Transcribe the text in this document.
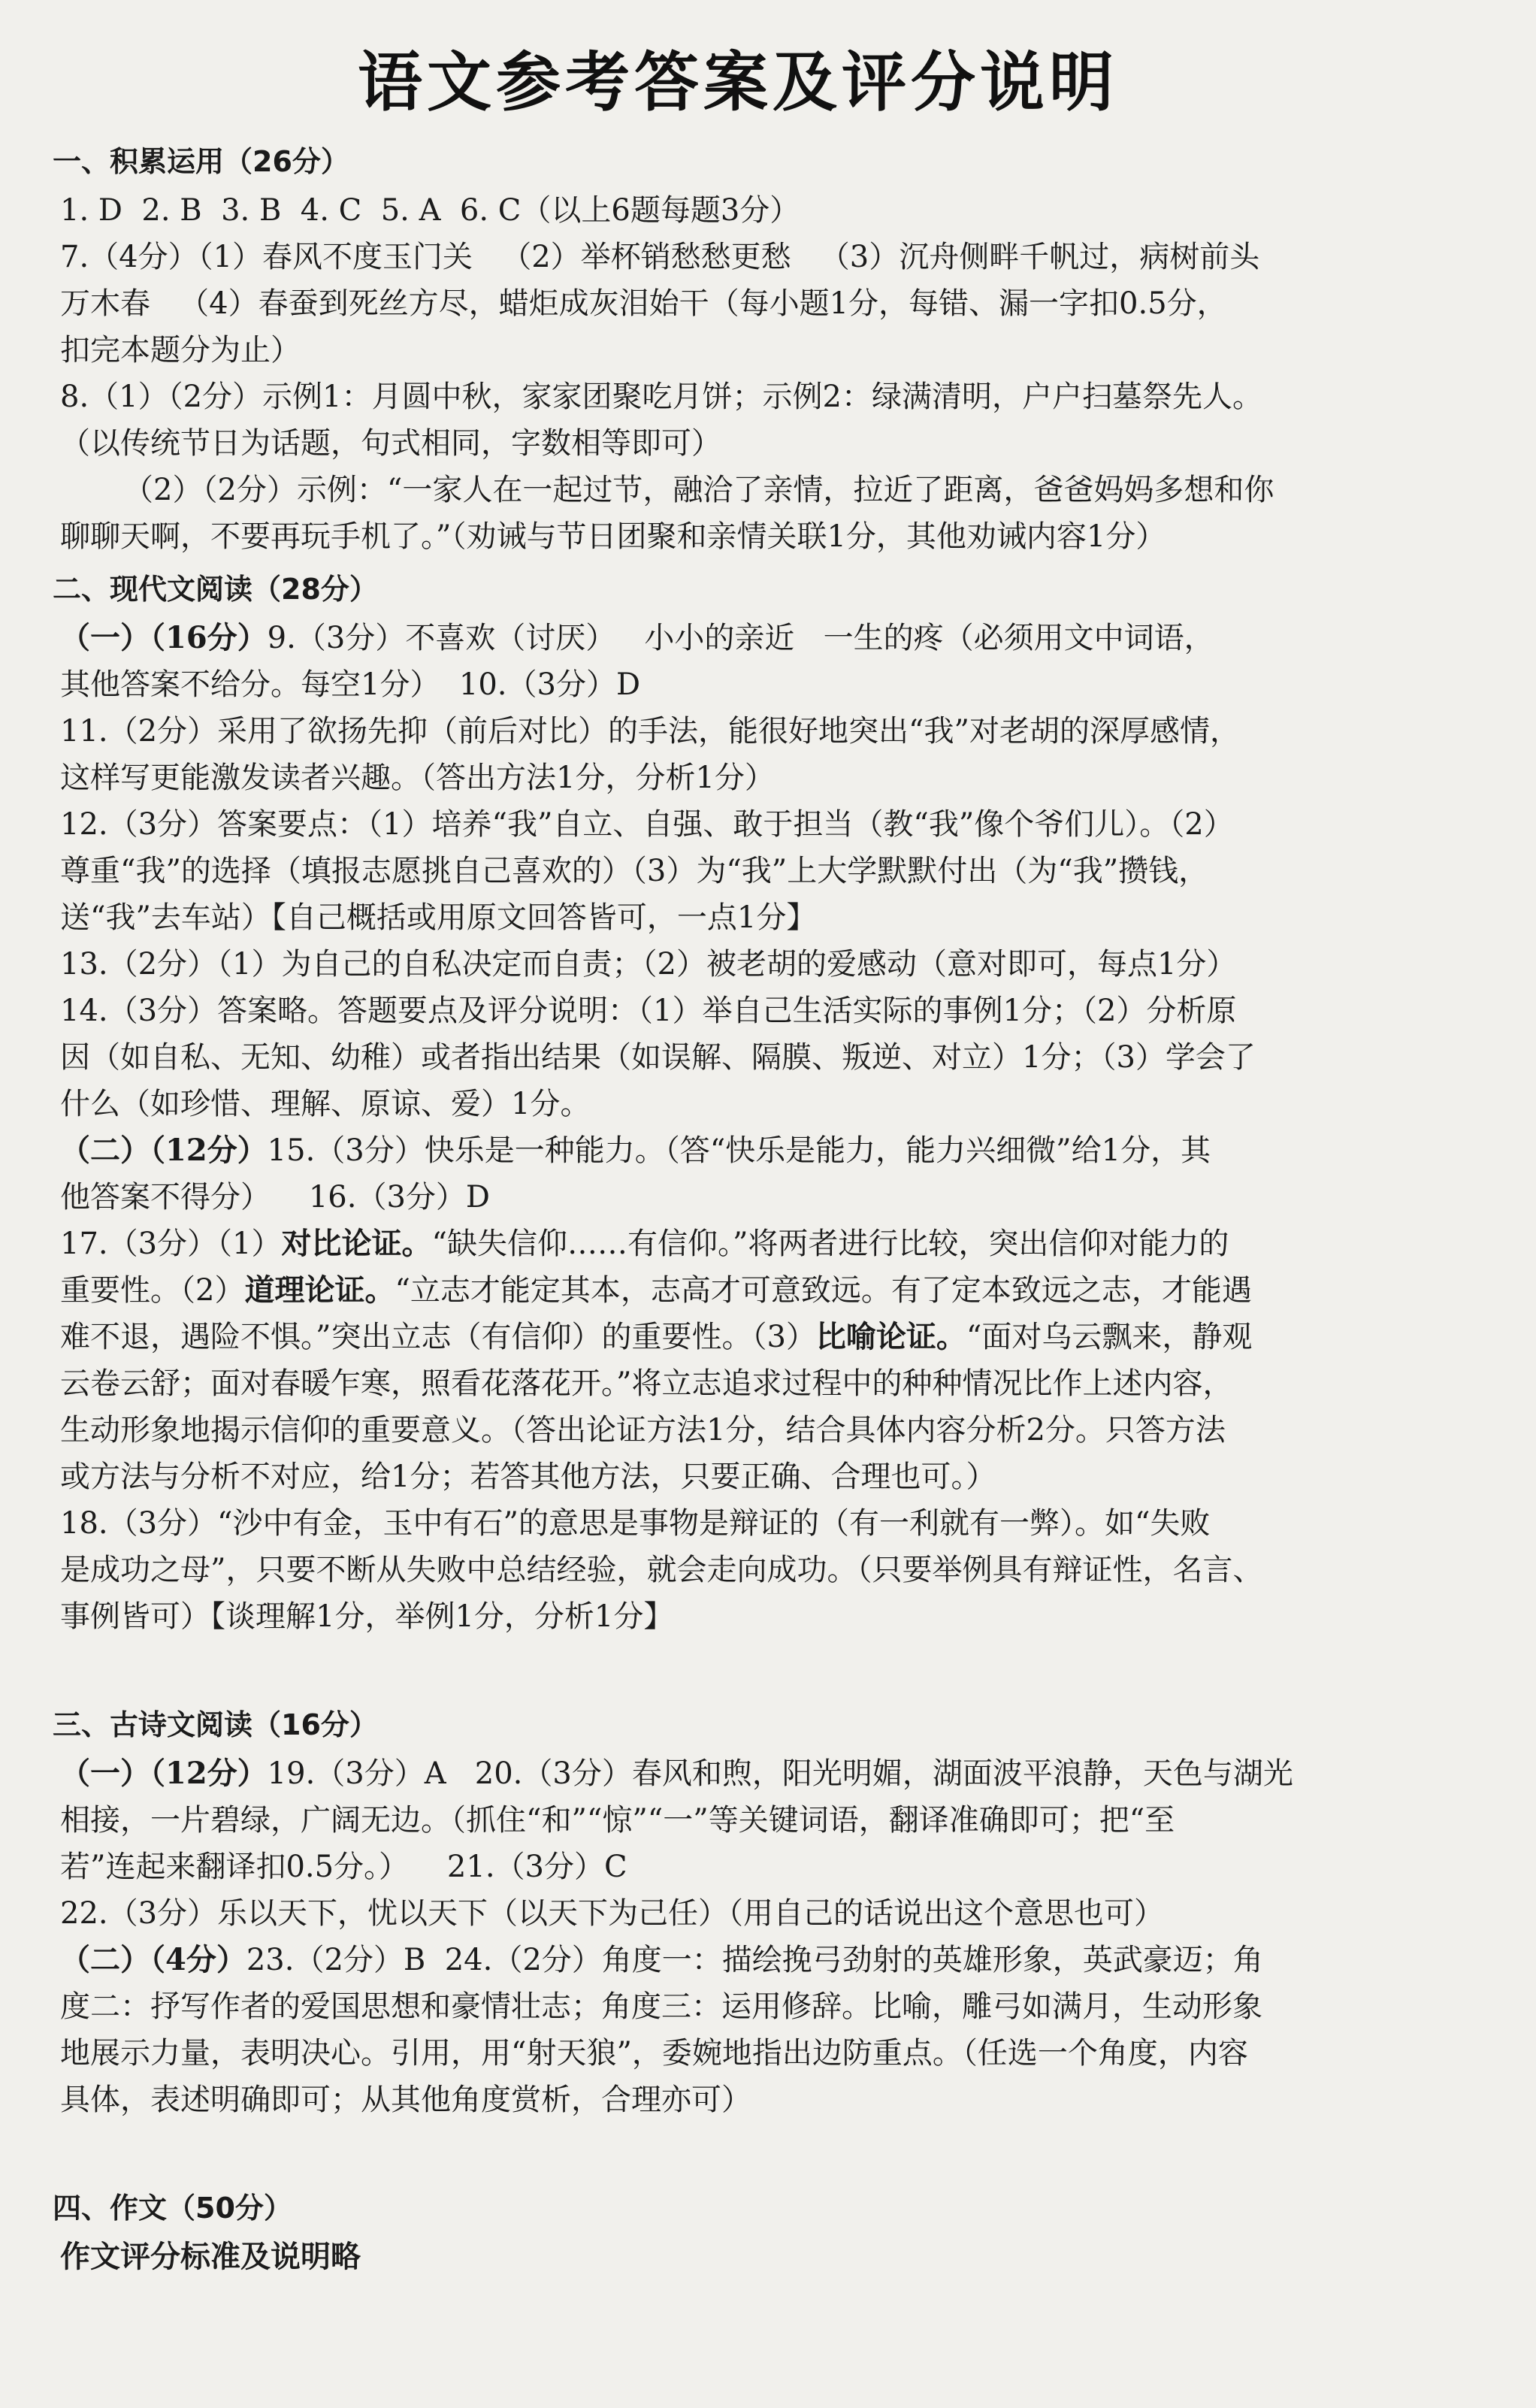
语文参考答案及评分说明
一、积累运用（26分）
1. D  2. B  3. B  4. C  5. A  6. C（以上6题每题3分）
7.（4分）（1）春风不度玉门关   （2）举杯销愁愁更愁   （3）沉舟侧畔千帆过，病树前头
万木春   （4）春蚕到死丝方尽，蜡炬成灰泪始干（每小题1分，每错、漏一字扣0.5分，
扣完本题分为止）
8.（1）（2分）示例1：月圆中秋，家家团聚吃月饼；示例2：绿满清明，户户扫墓祭先人。
（以传统节日为话题，句式相同，字数相等即可）
（2）（2分）示例：“一家人在一起过节，融洽了亲情，拉近了距离，爸爸妈妈多想和你
聊聊天啊，不要再玩手机了。”（劝诫与节日团聚和亲情关联1分，其他劝诫内容1分）
二、现代文阅读（28分）
（一）（16分）9.（3分）不喜欢（讨厌）   小小的亲近   一生的疼（必须用文中词语，
其他答案不给分。每空1分）  10.（3分）D
11.（2分）采用了欲扬先抑（前后对比）的手法，能很好地突出“我”对老胡的深厚感情，
这样写更能激发读者兴趣。（答出方法1分，分析1分）
12.（3分）答案要点：（1）培养“我”自立、自强、敢于担当（教“我”像个爷们儿）。（2）
尊重“我”的选择（填报志愿挑自己喜欢的）（3）为“我”上大学默默付出（为“我”攒钱，
送“我”去车站）【自己概括或用原文回答皆可，一点1分】
13.（2分）（1）为自己的自私决定而自责；（2）被老胡的爱感动（意对即可，每点1分）
14.（3分）答案略。答题要点及评分说明：（1）举自己生活实际的事例1分；（2）分析原
因（如自私、无知、幼稚）或者指出结果（如误解、隔膜、叛逆、对立）1分；（3）学会了
什么（如珍惜、理解、原谅、爱）1分。
（二）（12分）15.（3分）快乐是一种能力。（答“快乐是能力，能力兴细微”给1分，其
他答案不得分）    16.（3分）D
17.（3分）（1）对比论证。“缺失信仰……有信仰。”将两者进行比较，突出信仰对能力的
重要性。（2）道理论证。“立志才能定其本，志高才可意致远。有了定本致远之志，才能遇
难不退，遇险不惧。”突出立志（有信仰）的重要性。（3）比喻论证。“面对乌云飘来，静观
云卷云舒；面对春暖乍寒，照看花落花开。”将立志追求过程中的种种情况比作上述内容，
生动形象地揭示信仰的重要意义。（答出论证方法1分，结合具体内容分析2分。只答方法
或方法与分析不对应，给1分；若答其他方法，只要正确、合理也可。）
18.（3分）“沙中有金，玉中有石”的意思是事物是辩证的（有一利就有一弊）。如“失败
是成功之母”，只要不断从失败中总结经验，就会走向成功。（只要举例具有辩证性，名言、
事例皆可）【谈理解1分，举例1分，分析1分】
三、古诗文阅读（16分）
（一）（12分）19.（3分）A   20.（3分）春风和煦，阳光明媚，湖面波平浪静，天色与湖光
相接，一片碧绿，广阔无边。（抓住“和”“惊”“一”等关键词语，翻译准确即可；把“至
若”连起来翻译扣0.5分。）    21.（3分）C
22.（3分）乐以天下，忧以天下（以天下为己任）（用自己的话说出这个意思也可）
（二）（4分）23.（2分）B  24.（2分）角度一：描绘挽弓劲射的英雄形象，英武豪迈；角
度二：抒写作者的爱国思想和豪情壮志；角度三：运用修辞。比喻，雕弓如满月，生动形象
地展示力量，表明决心。引用，用“射天狼”，委婉地指出边防重点。（任选一个角度，内容
具体，表述明确即可；从其他角度赏析，合理亦可）
四、作文（50分）
作文评分标准及说明略
